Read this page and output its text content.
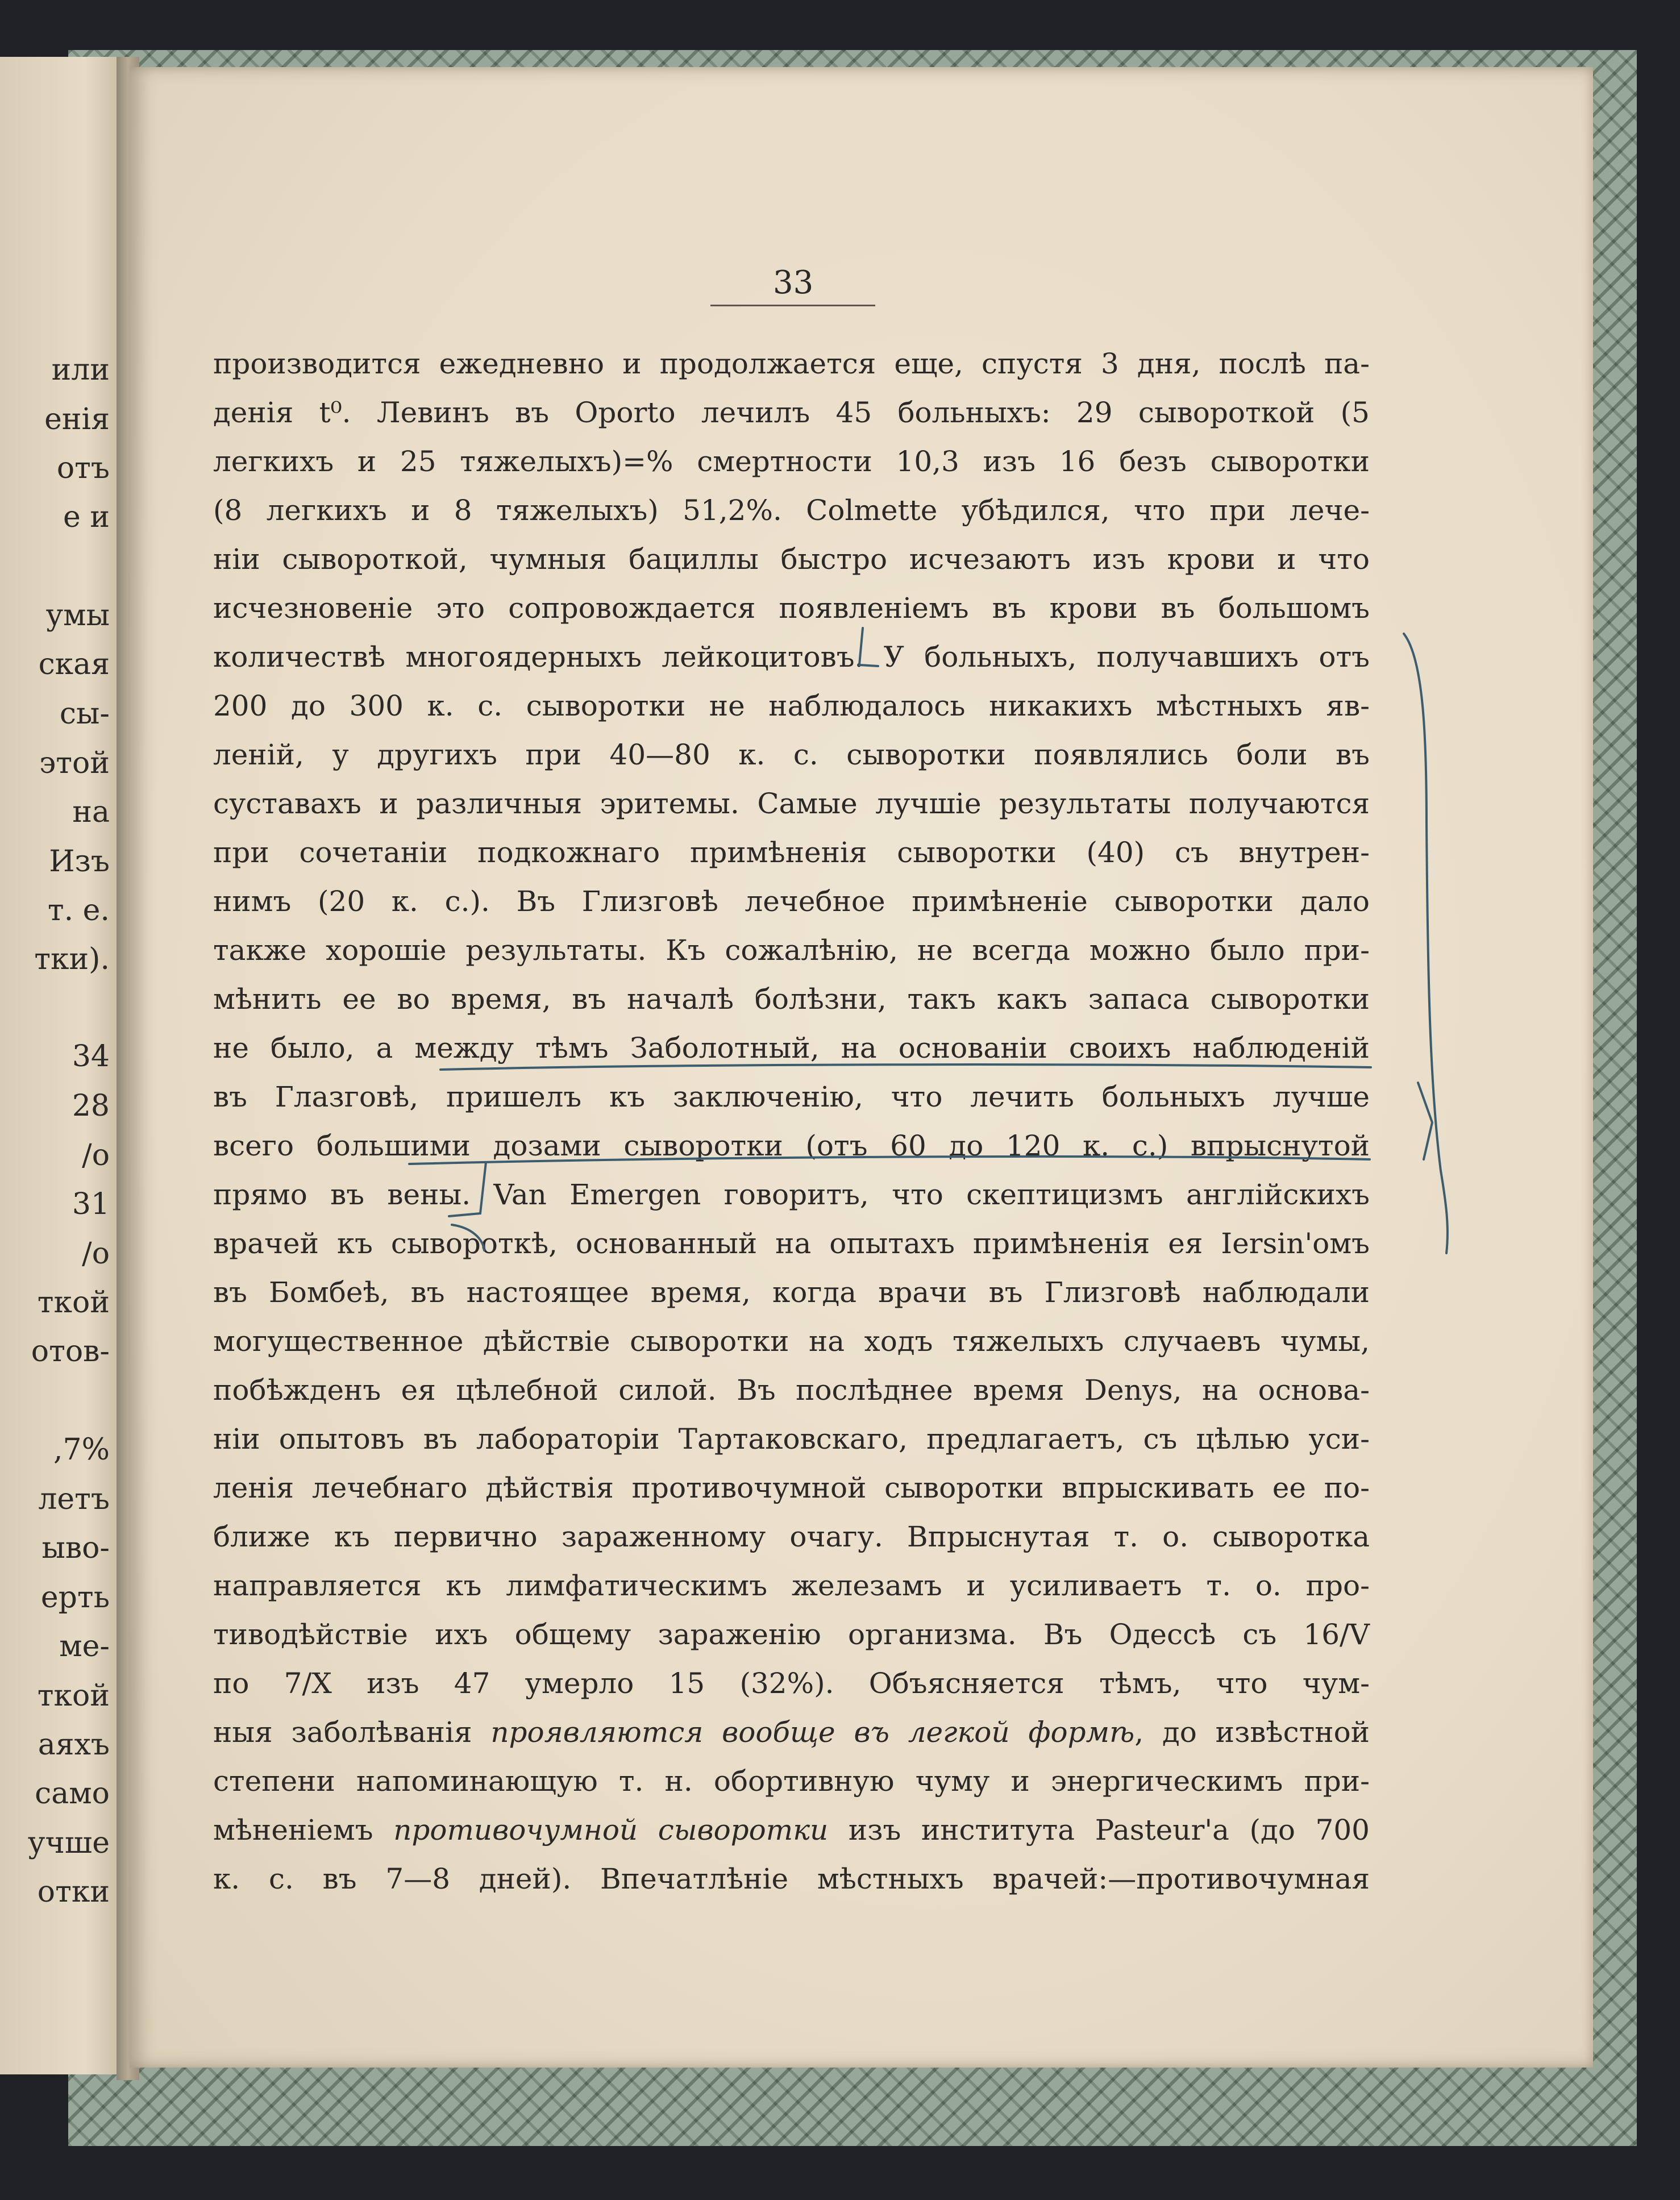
или
енія
отъ
е и
умы
ская
сы-
этой
на
Изъ
т. е.
тки).
34
28
/о
31
/о
ткой
отов-
,7%
летъ
ыво-
ерть
ме-
ткой
аяхъ
само
учше
отки
33
производится ежедневно и продолжается еще, спустя 3 дня, послѣ па-
денія t⁰. Левинъ въ Oporto лечилъ 45 больныхъ: 29 сывороткой (5
легкихъ и 25 тяжелыхъ)=% смертности 10,3 изъ 16 безъ сыворотки
(8 легкихъ и 8 тяжелыхъ) 51,2%. Colmette убѣдился, что при лече-
ніи сывороткой, чумныя бациллы быстро исчезаютъ изъ крови и что
исчезновеніе это сопровождается появленіемъ въ крови въ большомъ
количествѣ многоядерныхъ лейкоцитовъ. У больныхъ, получавшихъ отъ
200 до 300 к. с. сыворотки не наблюдалось никакихъ мѣстныхъ яв-
леній, у другихъ при 40—80 к. с. сыворотки появлялись боли въ
суставахъ и различныя эритемы. Самые лучшіе результаты получаются
при сочетаніи подкожнаго примѣненія сыворотки (40) съ внутрен-
нимъ (20 к. с.). Въ Глизговѣ лечебное примѣненіе сыворотки дало
также хорошіе результаты. Къ сожалѣнію, не всегда можно было при-
мѣнить ее во время, въ началѣ болѣзни, такъ какъ запаса сыворотки
не было, а между тѣмъ Заболотный, на основаніи своихъ наблюденій
въ Глазговѣ, пришелъ къ заключенію, что лечить больныхъ лучше
всего большими дозами сыворотки (отъ 60 до 120 к. с.) впрыснутой
прямо въ вены. Van Emergen говоритъ, что скептицизмъ англійскихъ
врачей къ сывороткѣ, основанный на опытахъ примѣненія ея Iersin'омъ
въ Бомбеѣ, въ настоящее время, когда врачи въ Глизговѣ наблюдали
могущественное дѣйствіе сыворотки на ходъ тяжелыхъ случаевъ чумы,
побѣжденъ ея цѣлебной силой. Въ послѣднее время Denys, на основа-
ніи опытовъ въ лабораторіи Тартаковскаго, предлагаетъ, съ цѣлью уси-
ленія лечебнаго дѣйствія противочумной сыворотки впрыскивать ее по-
ближе къ первично зараженному очагу. Впрыснутая т. о. сыворотка
направляется къ лимфатическимъ железамъ и усиливаетъ т. о. про-
тиводѣйствіе ихъ общему зараженію организма. Въ Одессѣ съ 16/V
по 7/X изъ 47 умерло 15 (32%). Объясняется тѣмъ, что чум-
ныя заболѣванія проявляются вообще въ легкой формѣ, до извѣстной
степени напоминающую т. н. обортивную чуму и энергическимъ при-
мѣненіемъ противочумной сыворотки изъ института Pasteur'а (до 700
к. с. въ 7—8 дней). Впечатлѣніе мѣстныхъ врачей:—противочумная
